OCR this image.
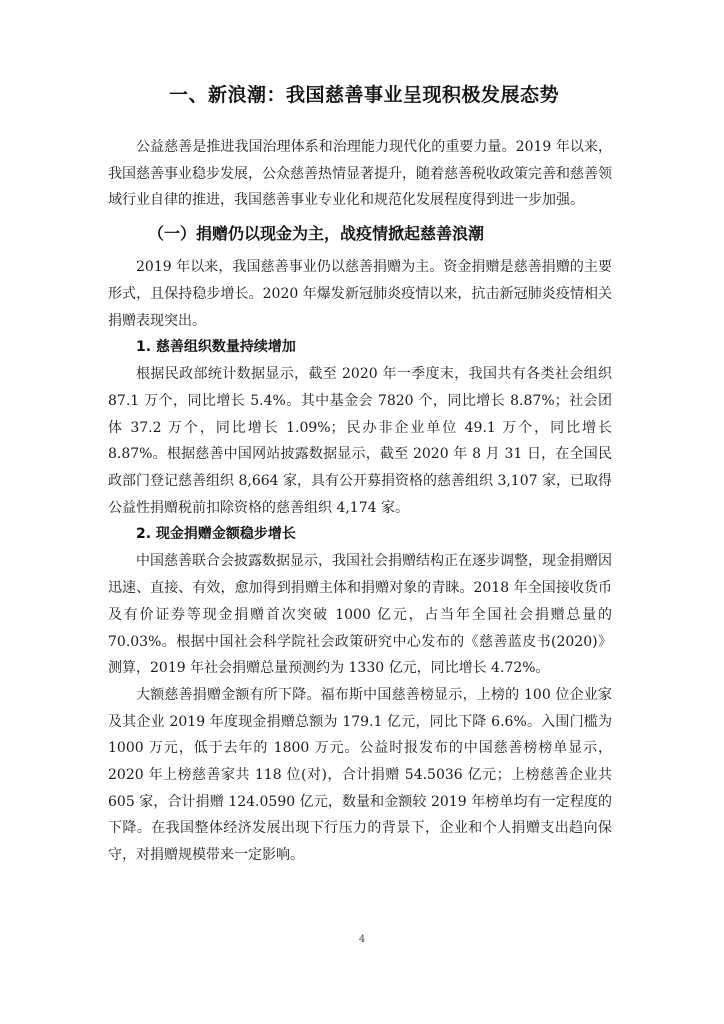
一、新浪潮：我国慈善事业呈现积极发展态势

公益慈善是推进我国治理体系和治理能力现代化的重要力量。2019 年以来，我国慈善事业稳步发展，公众慈善热情显著提升，随着慈善税收政策完善和慈善领域行业自律的推进，我国慈善事业专业化和规范化发展程度得到进一步加强。

（一）捐赠仍以现金为主，战疫情掀起慈善浪潮

2019 年以来，我国慈善事业仍以慈善捐赠为主。资金捐赠是慈善捐赠的主要形式，且保持稳步增长。2020 年爆发新冠肺炎疫情以来，抗击新冠肺炎疫情相关捐赠表现突出。

1. 慈善组织数量持续增加

根据民政部统计数据显示，截至 2020 年一季度末，我国共有各类社会组织 87.1 万个，同比增长 5.4%。其中基金会 7820 个，同比增长 8.87%；社会团体 37.2 万个，同比增长 1.09%；民办非企业单位 49.1 万个，同比增长 8.87%。根据慈善中国网站披露数据显示，截至 2020 年 8 月 31 日，在全国民政部门登记慈善组织 8,664 家，具有公开募捐资格的慈善组织 3,107 家，已取得公益性捐赠税前扣除资格的慈善组织 4,174 家。

2. 现金捐赠金额稳步增长

中国慈善联合会披露数据显示，我国社会捐赠结构正在逐步调整，现金捐赠因迅速、直接、有效，愈加得到捐赠主体和捐赠对象的青睐。2018 年全国接收货币及有价证券等现金捐赠首次突破 1000 亿元，占当年全国社会捐赠总量的 70.03%。根据中国社会科学院社会政策研究中心发布的《慈善蓝皮书(2020)》测算，2019 年社会捐赠总量预测约为 1330 亿元，同比增长 4.72%。

大额慈善捐赠金额有所下降。福布斯中国慈善榜显示，上榜的 100 位企业家及其企业 2019 年度现金捐赠总额为 179.1 亿元，同比下降 6.6%。入围门槛为 1000 万元，低于去年的 1800 万元。公益时报发布的中国慈善榜榜单显示，2020 年上榜慈善家共 118 位(对)，合计捐赠 54.5036 亿元；上榜慈善企业共 605 家，合计捐赠 124.0590 亿元，数量和金额较 2019 年榜单均有一定程度的下降。在我国整体经济发展出现下行压力的背景下，企业和个人捐赠支出趋向保守，对捐赠规模带来一定影响。

4
